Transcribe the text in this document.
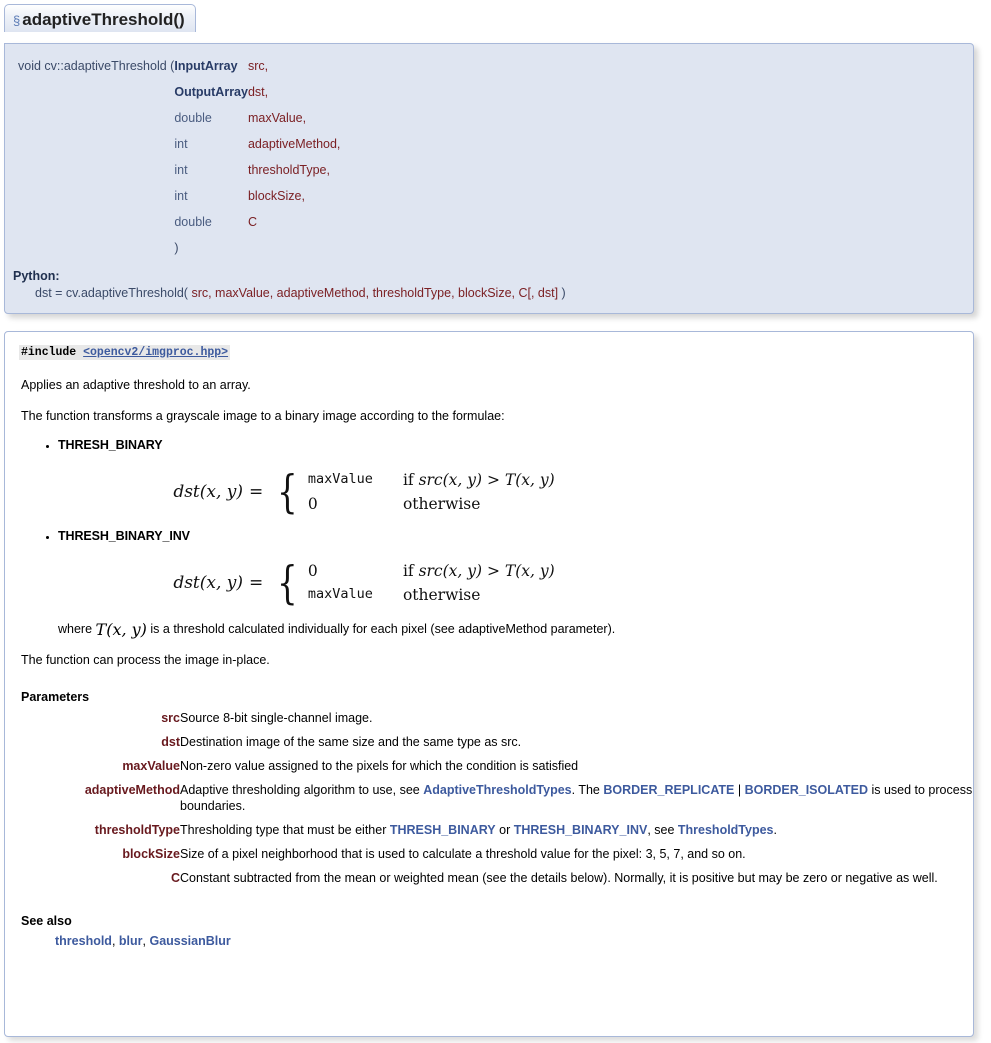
§ adaptiveThreshold()
void cv::adaptiveThreshold (	InputArray	src,
	OutputArray	dst,
	double	maxValue,
	int	adaptiveMethod,
	int	thresholdType,
	int	blockSize,
	double	C
	)	
Python:
dst = cv.adaptiveThreshold( src, maxValue, adaptiveMethod, thresholdType, blockSize, C[, dst] )
#include <opencv2/imgproc.hpp>
Applies an adaptive threshold to an array.
The function transforms a grayscale image to a binary image according to the formulae:
• THRESH_BINARY
dst(x, y) = { maxValue if src(x, y) > T(x, y)
0	otherwise
• THRESH_BINARY_INV
dst(x, y) = { 0	if src(x, y) > T(x, y)
maxValue otherwise
where T(x, y) is a threshold calculated individually for each pixel (see adaptiveMethod parameter).
The function can process the image in-place.
Parameters
src	Source 8-bit single-channel image.
dst	Destination image of the same size and the same type as src.
maxValue	Non-zero value assigned to the pixels for which the condition is satisfied
adaptiveMethod	Adaptive thresholding algorithm to use, see AdaptiveThresholdTypes. The BORDER_REPLICATE | BORDER_ISOLATED is used to process boundaries.
thresholdType	Thresholding type that must be either THRESH_BINARY or THRESH_BINARY_INV, see ThresholdTypes.
blockSize	Size of a pixel neighborhood that is used to calculate a threshold value for the pixel: 3, 5, 7, and so on.
C	Constant subtracted from the mean or weighted mean (see the details below). Normally, it is positive but may be zero or negative as well.
See also
threshold, blur, GaussianBlur
